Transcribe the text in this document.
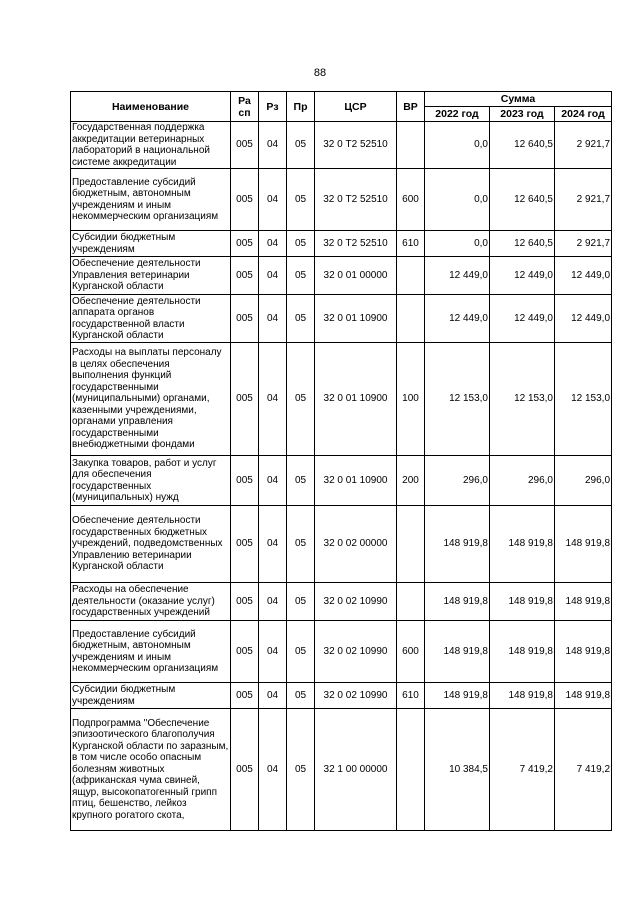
88
Наименование	Ра сп	Рз	Пр	ЦСР	ВР	Сумма		
						2022 год	2023 год	2024 год
Государственная поддержка аккредитации ветеринарных лабораторий в национальной системе аккредитации	005	04	05	32 0 Т2 52510		0,0	12 640,5	2 921,7
Предоставление субсидий бюджетным, автономным учреждениям и иным некоммерческим организациям	005	04	05	32 0 Т2 52510	600	0,0	12 640,5	2 921,7
Субсидии бюджетным учреждениям	005	04	05	32 0 Т2 52510	610	0,0	12 640,5	2 921,7
Обеспечение деятельности Управления ветеринарии Курганской области	005	04	05	32 0 01 00000		12 449,0	12 449,0	12 449,0
Обеспечение деятельности аппарата органов государственной власти Курганской области	005	04	05	32 0 01 10900		12 449,0	12 449,0	12 449,0
Расходы на выплаты персоналу в целях обеспечения выполнения функций государственными (муниципальными) органами, казенными учреждениями, органами управления государственными внебюджетными фондами	005	04	05	32 0 01 10900	100	12 153,0	12 153,0	12 153,0
Закупка товаров, работ и услуг для обеспечения государственных (муниципальных) нужд	005	04	05	32 0 01 10900	200	296,0	296,0	296,0
Обеспечение деятельности государственных бюджетных учреждений, подведомственных Управлению ветеринарии Курганской области	005	04	05	32 0 02 00000		148 919,8	148 919,8	148 919,8
Расходы на обеспечение деятельности (оказание услуг) государственных учреждений	005	04	05	32 0 02 10990		148 919,8	148 919,8	148 919,8
Предоставление субсидий бюджетным, автономным учреждениям и иным некоммерческим организациям	005	04	05	32 0 02 10990	600	148 919,8	148 919,8	148 919,8
Субсидии бюджетным учреждениям	005	04	05	32 0 02 10990	610	148 919,8	148 919,8	148 919,8
Подпрограмма "Обеспечение эпизоотического благополучия Курганской области по заразным, в том числе особо опасным болезням животных (африканская чума свиней, ящур, высокопатогенный грипп птиц, бешенство, лейкоз крупного рогатого скота,	005	04	05	32 1 00 00000		10 384,5	7 419,2	7 419,2
